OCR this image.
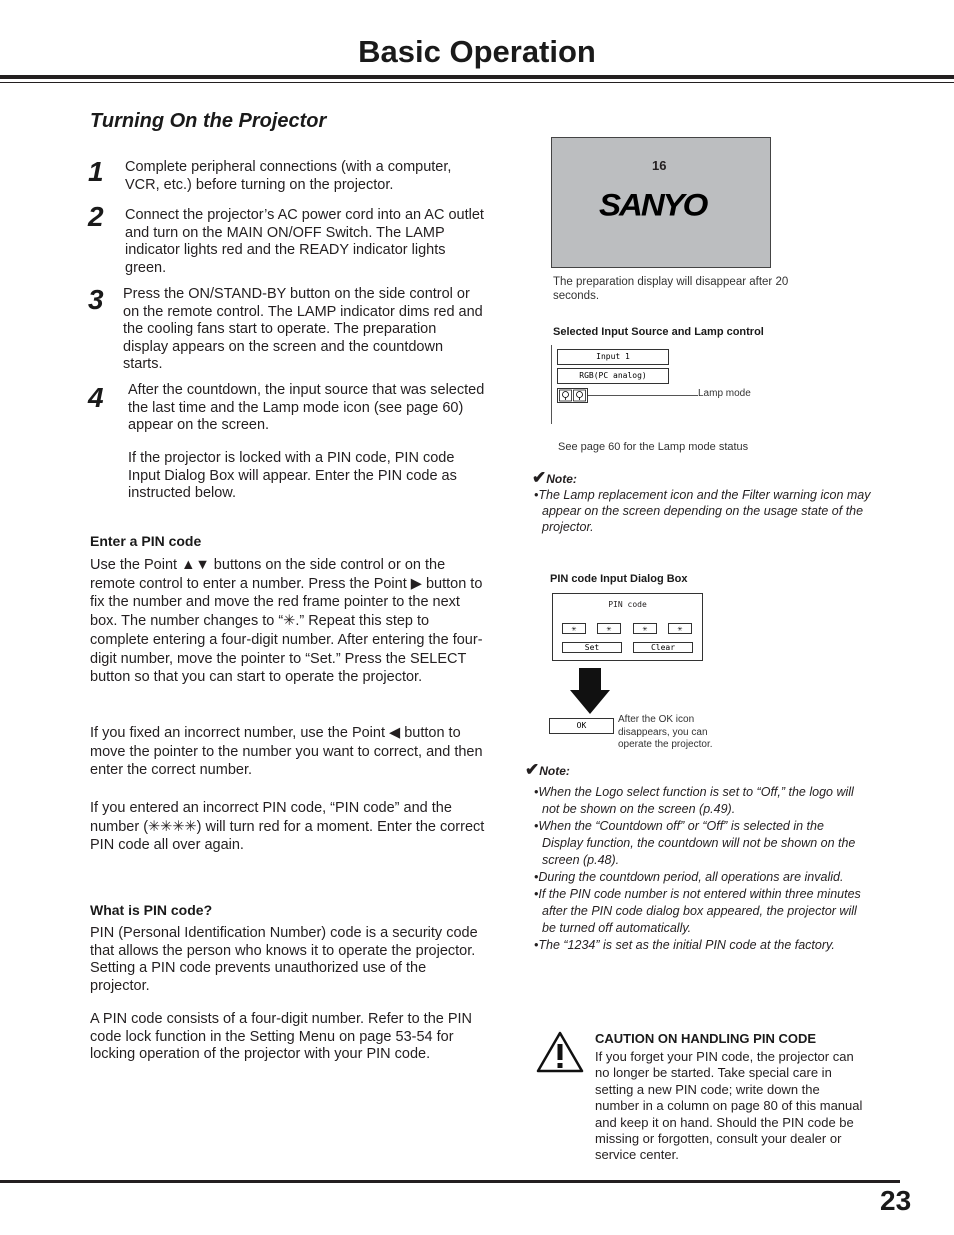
Basic Operation
Turning On the Projector
1 Complete peripheral connections (with a computer, VCR, etc.) before turning on the projector.
2 Connect the projector’s AC power cord into an AC outlet and turn on the MAIN ON/OFF Switch. The LAMP indicator lights red and the READY indicator lights green.
3 Press the ON/STAND-BY button on the side control or on the remote control. The LAMP indicator dims red and the cooling fans start to operate. The preparation display appears on the screen and the countdown starts.
4 After the countdown, the input source that was selected the last time and the Lamp mode icon (see page 60) appear on the screen.
If the projector is locked with a PIN code, PIN code Input Dialog Box will appear. Enter the PIN code as instructed below.
Enter a PIN code
Use the Point ▲▼ buttons on the side control or on the remote control to enter a number. Press the Point ▶ button to fix the number and move the red frame pointer to the next box. The number changes to “✳.” Repeat this step to complete entering a four-digit number. After entering the four-digit number, move the pointer to “Set.” Press the SELECT button so that you can start to operate the projector.
If you fixed an incorrect number, use the Point ◀ button to move the pointer to the number you want to correct, and then enter the correct number.
If you entered an incorrect PIN code, “PIN code” and the number (✳✳✳✳) will turn red for a moment. Enter the correct PIN code all over again.
What is PIN code?
PIN (Personal Identification Number) code is a security code that allows the person who knows it to operate the projector. Setting a PIN code prevents unauthorized use of the projector.
A PIN code consists of a four-digit number. Refer to the PIN code lock function in the Setting Menu on page 53-54 for locking operation of the projector with your PIN code.
16
SANYO
The preparation display will disappear after 20 seconds.
Selected Input Source and Lamp control
Input 1
RGB(PC analog)
Lamp mode
See page 60 for the Lamp mode status
✔Note:
•The Lamp replacement icon and the Filter warning icon may appear on the screen depending on the usage state of the projector.
PIN code Input Dialog Box
PIN code
✳	✳	✳	✳
Set	Clear
OK
After the OK icon disappears, you can operate the projector.
✔Note:
•When the Logo select function is set to “Off,” the logo will not be shown on the screen (p.49).
•When the “Countdown off” or “Off” is selected in the Display function, the countdown will not be shown on the screen (p.48).
•During the countdown period, all operations are invalid.
•If the PIN code number is not entered within three minutes after the PIN code dialog box appeared, the projector will be turned off automatically.
•The “1234” is set as the initial PIN code at the factory.
CAUTION ON HANDLING PIN CODE
If you forget your PIN code, the projector can no longer be started. Take special care in setting a new PIN code; write down the number in a column on page 80 of this manual and keep it on hand. Should the PIN code be missing or forgotten, consult your dealer or service center.
23
